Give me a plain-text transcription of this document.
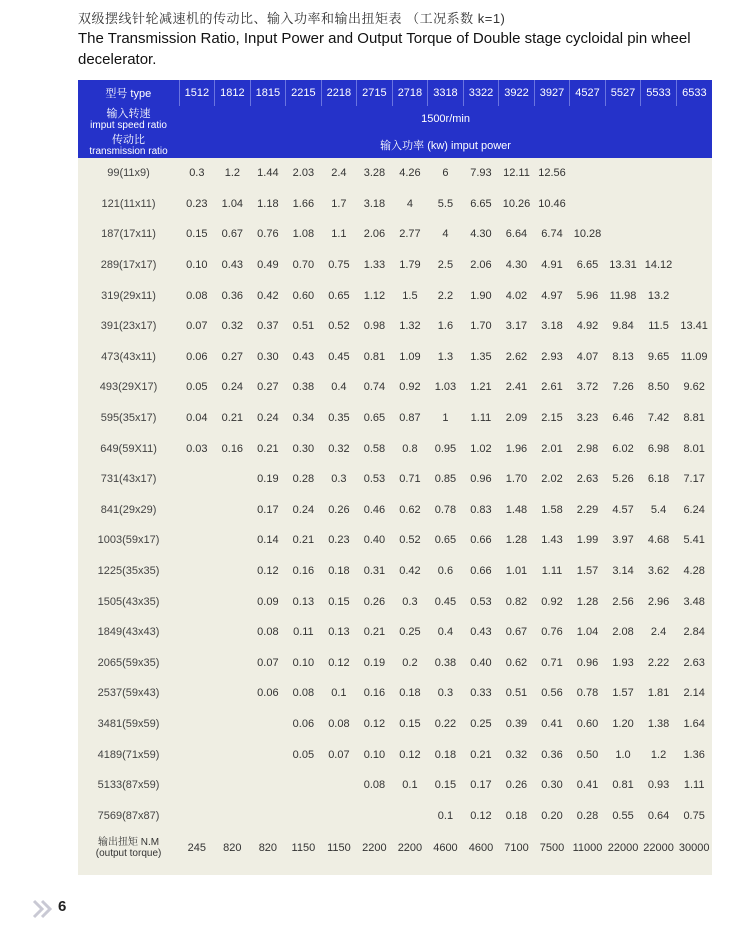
双级摆线针轮减速机的传动比、输入功率和输出扭矩表 （工况系数 k=1)
The Transmission Ratio, Input Power and Output Torque of Double stage cycloidal pin wheel decelerator.
型号 type	1512	1812	1815	2215	2218	2715	2718	3318	3322	3922	3927	4527	5527	5533	6533

输入转速
imput speed ratio	1500r/min														

传动比
transmission ratio	输入功率 (kw) imput power														
99(11x9)	0.3	1.2	1.44	2.03	2.4	3.28	4.26	6	7.93	12.11	12.56				
121(11x11)	0.23	1.04	1.18	1.66	1.7	3.18	4	5.5	6.65	10.26	10.46				
187(17x11)	0.15	0.67	0.76	1.08	1.1	2.06	2.77	4	4.30	6.64	6.74	10.28			
289(17x17)	0.10	0.43	0.49	0.70	0.75	1.33	1.79	2.5	2.06	4.30	4.91	6.65	13.31	14.12	
319(29x11)	0.08	0.36	0.42	0.60	0.65	1.12	1.5	2.2	1.90	4.02	4.97	5.96	11.98	13.2	
391(23x17)	0.07	0.32	0.37	0.51	0.52	0.98	1.32	1.6	1.70	3.17	3.18	4.92	9.84	11.5	13.41
473(43x11)	0.06	0.27	0.30	0.43	0.45	0.81	1.09	1.3	1.35	2.62	2.93	4.07	8.13	9.65	11.09
493(29X17)	0.05	0.24	0.27	0.38	0.4	0.74	0.92	1.03	1.21	2.41	2.61	3.72	7.26	8.50	9.62
595(35x17)	0.04	0.21	0.24	0.34	0.35	0.65	0.87	1	1.11	2.09	2.15	3.23	6.46	7.42	8.81
649(59X11)	0.03	0.16	0.21	0.30	0.32	0.58	0.8	0.95	1.02	1.96	2.01	2.98	6.02	6.98	8.01
731(43x17)			0.19	0.28	0.3	0.53	0.71	0.85	0.96	1.70	2.02	2.63	5.26	6.18	7.17
841(29x29)			0.17	0.24	0.26	0.46	0.62	0.78	0.83	1.48	1.58	2.29	4.57	5.4	6.24
1003(59x17)			0.14	0.21	0.23	0.40	0.52	0.65	0.66	1.28	1.43	1.99	3.97	4.68	5.41
1225(35x35)			0.12	0.16	0.18	0.31	0.42	0.6	0.66	1.01	1.11	1.57	3.14	3.62	4.28
1505(43x35)			0.09	0.13	0.15	0.26	0.3	0.45	0.53	0.82	0.92	1.28	2.56	2.96	3.48
1849(43x43)			0.08	0.11	0.13	0.21	0.25	0.4	0.43	0.67	0.76	1.04	2.08	2.4	2.84
2065(59x35)			0.07	0.10	0.12	0.19	0.2	0.38	0.40	0.62	0.71	0.96	1.93	2.22	2.63
2537(59x43)			0.06	0.08	0.1	0.16	0.18	0.3	0.33	0.51	0.56	0.78	1.57	1.81	2.14
3481(59x59)				0.06	0.08	0.12	0.15	0.22	0.25	0.39	0.41	0.60	1.20	1.38	1.64
4189(71x59)				0.05	0.07	0.10	0.12	0.18	0.21	0.32	0.36	0.50	1.0	1.2	1.36
5133(87x59)						0.08	0.1	0.15	0.17	0.26	0.30	0.41	0.81	0.93	1.11
7569(87x87)								0.1	0.12	0.18	0.20	0.28	0.55	0.64	0.75

输出扭矩 N.M
(output torque)	245	820	820	1150	1150	2200	2200	4600	4600	7100	7500	11000	22000	22000	30000
6
